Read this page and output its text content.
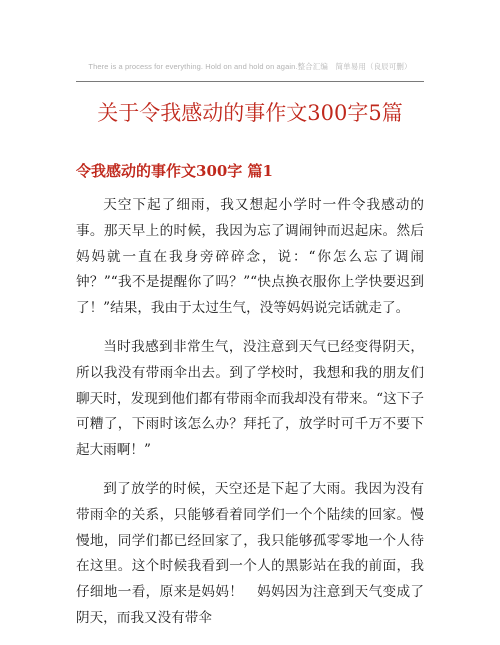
There is a process for everything. Hold on and hold on again.整合汇编　简单易用（良辰可删）
关于令我感动的事作文300字5篇
令我感动的事作文300字 篇1

天空下起了细雨，我又想起小学时一件令我感动的事。那天早上的时候，我因为忘了调闹钟而迟起床。然后妈妈就一直在我身旁碎碎念，说：“你怎么忘了调闹钟？”“我不是提醒你了吗？”“快点换衣服你上学快要迟到了！”结果，我由于太过生气，没等妈妈说完话就走了。

当时我感到非常生气，没注意到天气已经变得阴天，所以我没有带雨伞出去。到了学校时，我想和我的朋友们聊天时，发现到他们都有带雨伞而我却没有带来。“这下子可糟了，下雨时该怎么办？拜托了，放学时可千万不要下起大雨啊！”

到了放学的时候，天空还是下起了大雨。我因为没有带雨伞的关系，只能够看着同学们一个个陆续的回家。慢慢地，同学们都已经回家了，我只能够孤零零地一个人待在这里。这个时候我看到一个人的黑影站在我的前面，我仔细地一看，原来是妈妈！　妈妈因为注意到天气变成了阴天，而我又没有带伞
